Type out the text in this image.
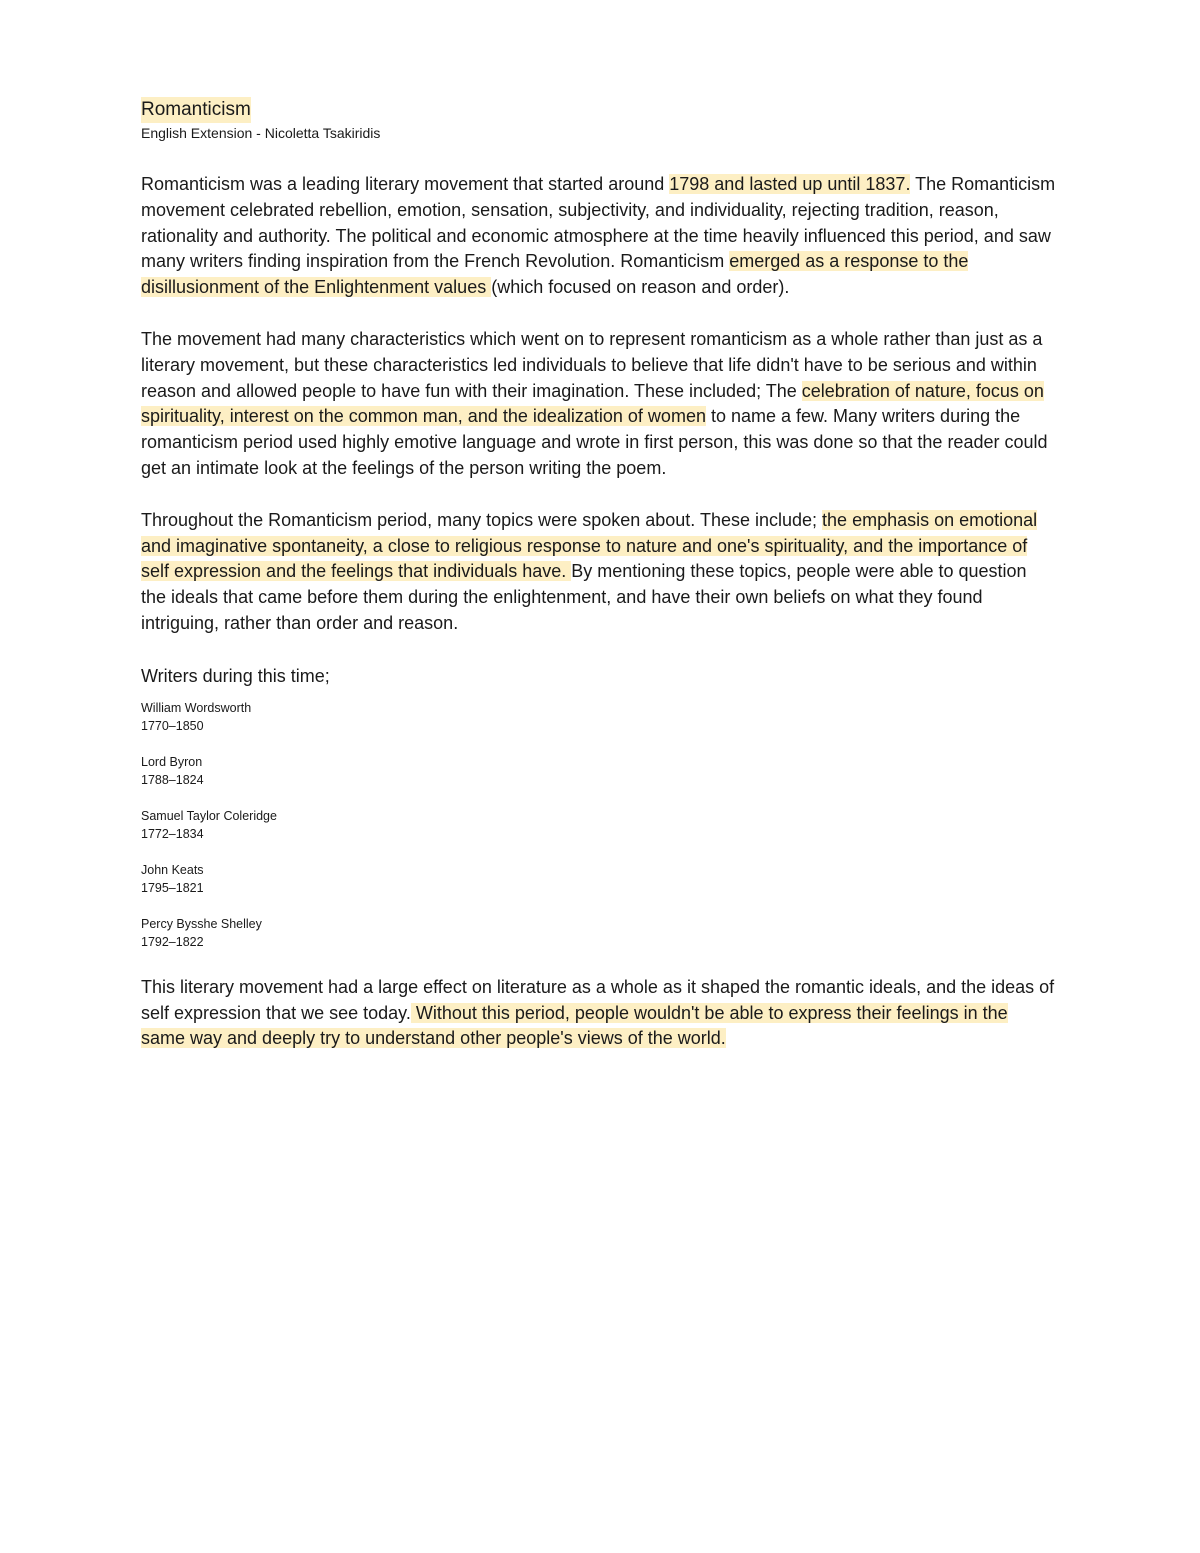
Romanticism

English Extension - Nicoletta Tsakiridis

Romanticism was a leading literary movement that started around 1798 and lasted up until 1837. The Romanticism movement celebrated rebellion, emotion, sensation, subjectivity, and individuality, rejecting tradition, reason, rationality and authority. The political and economic atmosphere at the time heavily influenced this period, and saw many writers finding inspiration from the French Revolution. Romanticism emerged as a response to the disillusionment of the Enlightenment values (which focused on reason and order).

The movement had many characteristics which went on to represent romanticism as a whole rather than just as a literary movement, but these characteristics led individuals to believe that life didn't have to be serious and within reason and allowed people to have fun with their imagination. These included; The celebration of nature, focus on spirituality, interest on the common man, and the idealization of women to name a few. Many writers during the romanticism period used highly emotive language and wrote in first person, this was done so that the reader could get an intimate look at the feelings of the person writing the poem.

Throughout the Romanticism period, many topics were spoken about. These include; the emphasis on emotional and imaginative spontaneity, a close to religious response to nature and one's spirituality, and the importance of self expression and the feelings that individuals have. By mentioning these topics, people were able to question the ideals that came before them during the enlightenment, and have their own beliefs on what they found intriguing, rather than order and reason.

Writers during this time;

William Wordsworth
1770–1850
Lord Byron
1788–1824
Samuel Taylor Coleridge
1772–1834
John Keats
1795–1821
Percy Bysshe Shelley
1792–1822

This literary movement had a large effect on literature as a whole as it shaped the romantic ideals, and the ideas of self expression that we see today. Without this period, people wouldn't be able to express their feelings in the same way and deeply try to understand other people's views of the world.
